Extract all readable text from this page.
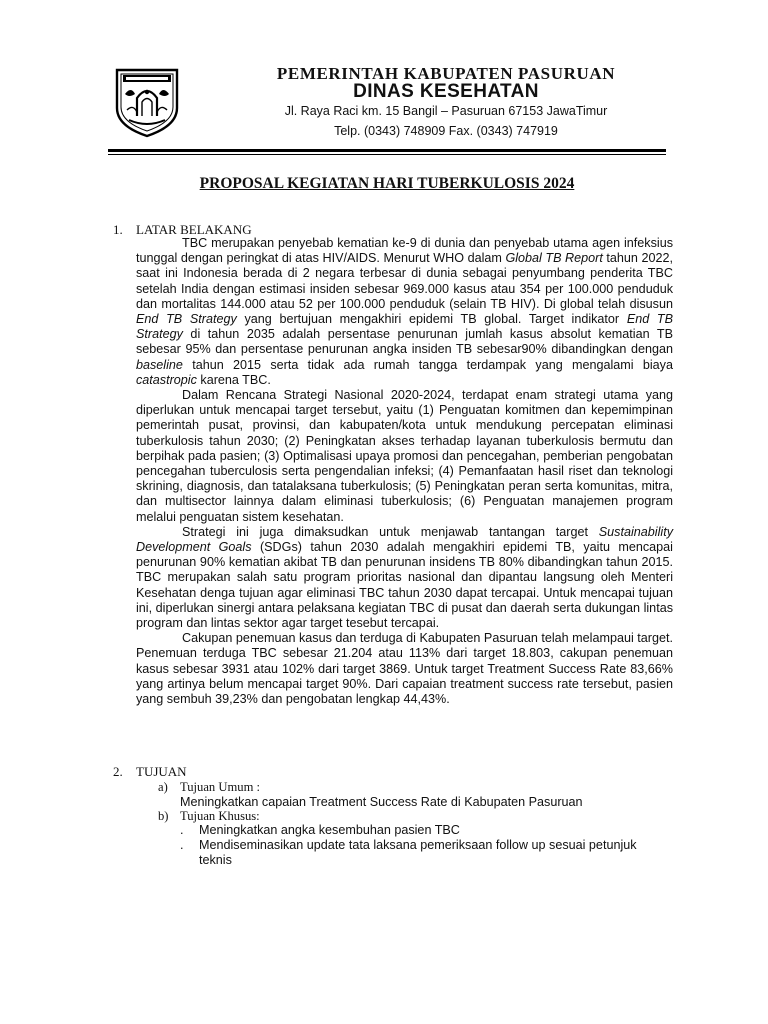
PEMERINTAH KABUPATEN PASURUAN
DINAS KESEHATAN
Jl. Raya Raci km. 15 Bangil – Pasuruan 67153 JawaTimur
Telp. (0343) 748909 Fax. (0343) 747919
PROPOSAL KEGIATAN HARI TUBERKULOSIS 2024
1. LATAR BELAKANG

TBC merupakan penyebab kematian ke-9 di dunia dan penyebab utama agen infeksius tunggal dengan peringkat di atas HIV/AIDS. Menurut WHO dalam Global TB Report tahun 2022, saat ini Indonesia berada di 2 negara terbesar di dunia sebagai penyumbang penderita TBC setelah India dengan estimasi insiden sebesar 969.000 kasus atau 354 per 100.000 penduduk dan mortalitas 144.000 atau 52 per 100.000 penduduk (selain TB HIV). Di global telah disusun End TB Strategy yang bertujuan mengakhiri epidemi TB global. Target indikator End TB Strategy di tahun 2035 adalah persentase penurunan jumlah kasus absolut kematian TB sebesar 95% dan persentase penurunan angka insiden TB sebesar90% dibandingkan dengan baseline tahun 2015 serta tidak ada rumah tangga terdampak yang mengalami biaya catastropic karena TBC.

Dalam Rencana Strategi Nasional 2020-2024, terdapat enam strategi utama yang diperlukan untuk mencapai target tersebut, yaitu (1) Penguatan komitmen dan kepemimpinan pemerintah pusat, provinsi, dan kabupaten/kota untuk mendukung percepatan eliminasi tuberkulosis tahun 2030; (2) Peningkatan akses terhadap layanan tuberkulosis bermutu dan berpihak pada pasien; (3) Optimalisasi upaya promosi dan pencegahan, pemberian pengobatan pencegahan tuberculosis serta pengendalian infeksi; (4) Pemanfaatan hasil riset dan teknologi skrining, diagnosis, dan tatalaksana tuberkulosis; (5) Peningkatan peran serta komunitas, mitra, dan multisector lainnya dalam eliminasi tuberkulosis; (6) Penguatan manajemen program melalui penguatan sistem kesehatan.

Strategi ini juga dimaksudkan untuk menjawab tantangan target Sustainability Development Goals (SDGs) tahun 2030 adalah mengakhiri epidemi TB, yaitu mencapai penurunan 90% kematian akibat TB dan penurunan insidens TB 80% dibandingkan tahun 2015. TBC merupakan salah satu program prioritas nasional dan dipantau langsung oleh Menteri Kesehatan denga tujuan agar eliminasi TBC tahun 2030 dapat tercapai. Untuk mencapai tujuan ini, diperlukan sinergi antara pelaksana kegiatan TBC di pusat dan daerah serta dukungan lintas program dan lintas sektor agar target tesebut tercapai.

Cakupan penemuan kasus dan terduga di Kabupaten Pasuruan telah melampaui target. Penemuan terduga TBC sebesar 21.204 atau 113% dari target 18.803, cakupan penemuan kasus sebesar 3931 atau 102% dari target 3869. Untuk target Treatment Success Rate 83,66% yang artinya belum mencapai target 90%. Dari capaian treatment success rate tersebut, pasien yang sembuh 39,23% dan pengobatan lengkap 44,43%.

2. TUJUAN
a) Tujuan Umum :
Meningkatkan capaian Treatment Success Rate di Kabupaten Pasuruan
b) Tujuan Khusus:
. Meningkatkan angka kesembuhan pasien TBC
. Mendiseminasikan update tata laksana pemeriksaan follow up sesuai petunjuk teknis
